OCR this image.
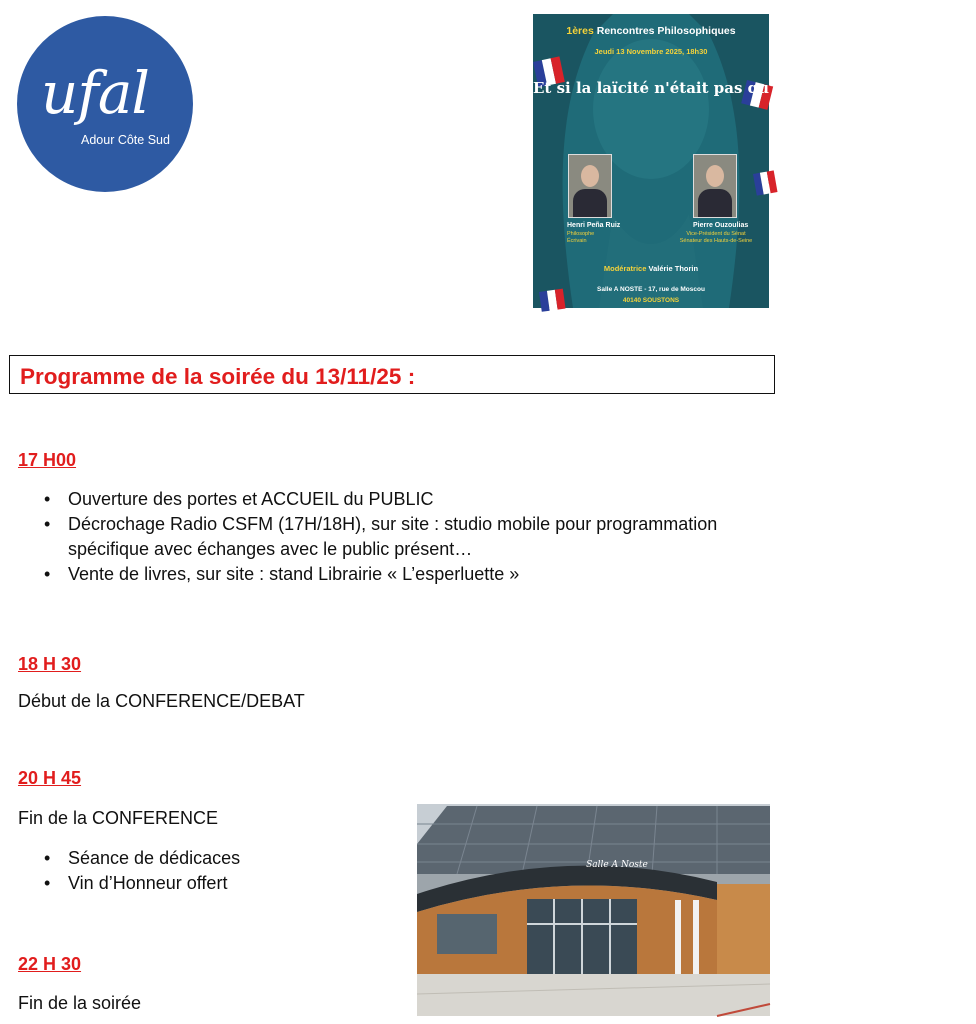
ufal
Adour Côte Sud
1ères Rencontres Philosophiques
Jeudi 13 Novembre 2025, 18h30
Et si la laïcité n'était pas qu'une affaire de religion ?
Henri Peña Ruiz
Philosophe
Écrivain
Pierre Ouzoulias
Vice-Président du Sénat
Sénateur des Hauts-de-Seine
Modératrice Valérie Thorin
Salle A NOSTE - 17, rue de Moscou
40140 SOUSTONS
Programme de la soirée du 13/11/25 :
17 H00
• Ouverture des portes et ACCUEIL du PUBLIC
• Décrochage Radio CSFM (17H/18H), sur site : studio mobile pour programmation spécifique avec échanges avec le public présent…
• Vente de livres, sur site : stand Librairie « L’esperluette »
18 H 30
Début de la CONFERENCE/DEBAT
20 H 45
Fin de la CONFERENCE
• Séance de dédicaces
• Vin d’Honneur offert
22 H 30
Fin de la soirée
Salle A Noste
